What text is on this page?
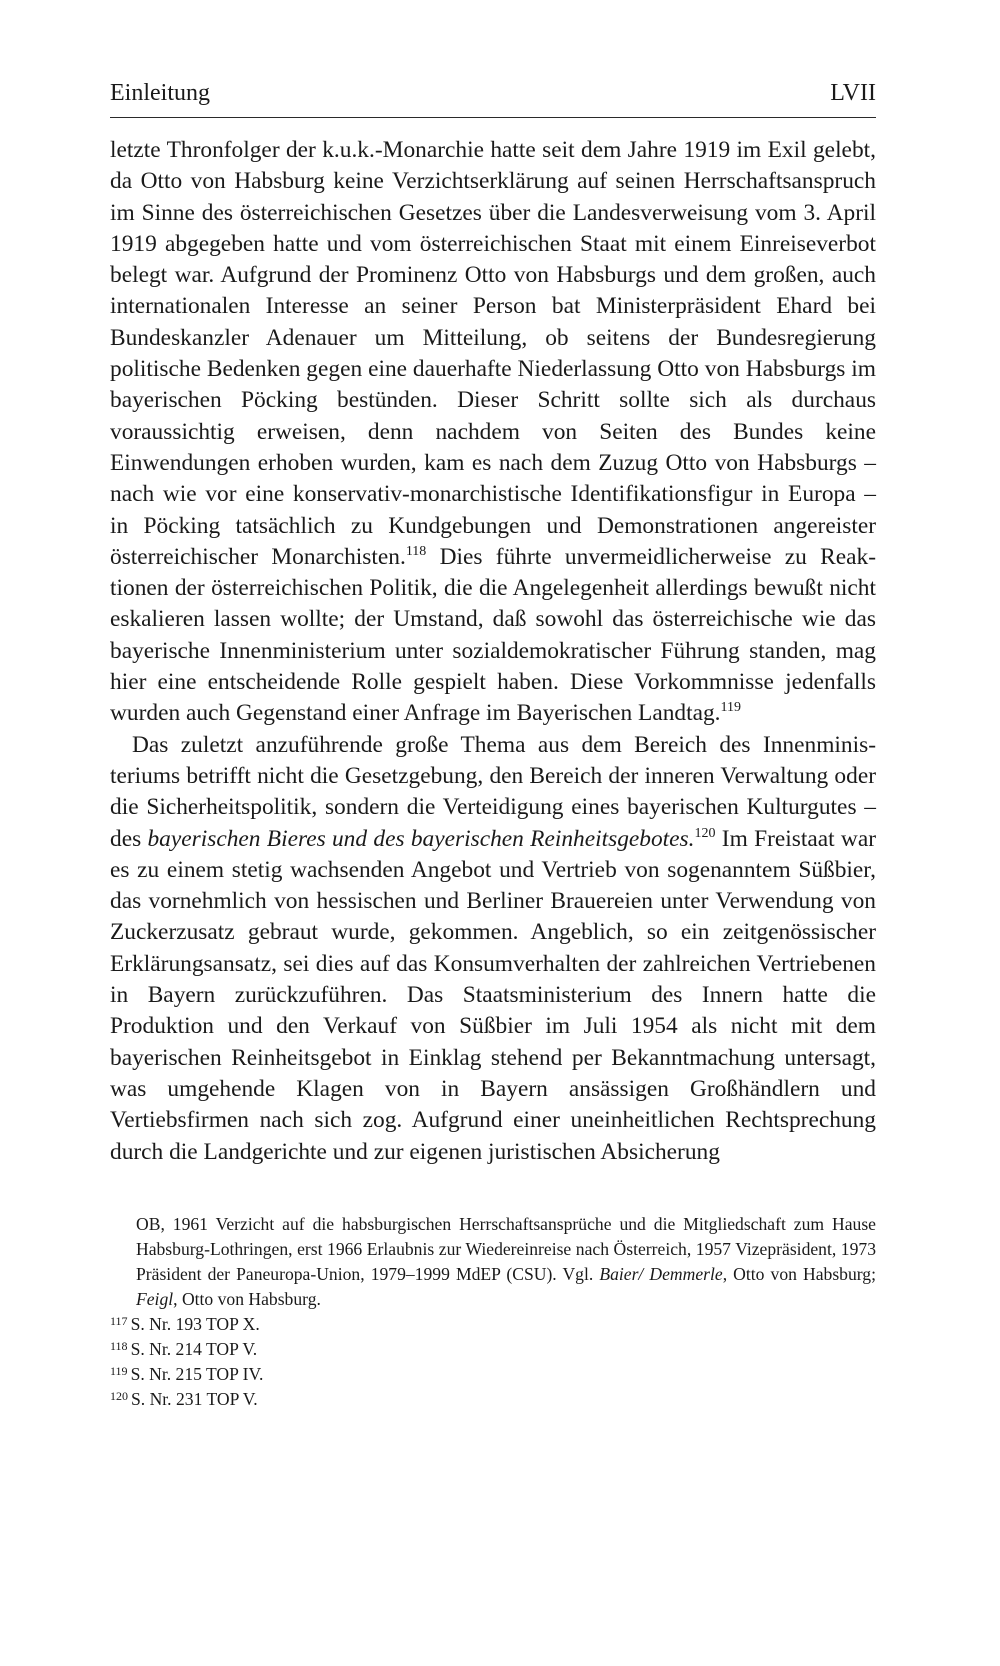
Einleitung	LVII

letzte Thronfolger der k.u.k.-Monarchie hatte seit dem Jahre 1919 im Exil gelebt, da Otto von Habsburg keine Verzichtserklärung auf seinen Herrschaftsanspruch im Sinne des österreichischen Gesetzes über die Landesverweisung vom 3. April 1919 abgegeben hatte und vom österreichischen Staat mit einem Einreiseverbot belegt war. Aufgrund der Prominenz Otto von Habsburgs und dem großen, auch internationalen Interesse an seiner Person bat Ministerpräsident Ehard bei Bundeskanzler Adenauer um Mitteilung, ob seitens der Bundesregierung politische Bedenken gegen eine dauerhafte Niederlassung Otto von Habsburgs im bayerischen Pöcking bestünden. Dieser Schritt sollte sich als durchaus voraussichtig erweisen, denn nachdem von Seiten des Bundes keine Einwendungen erhoben wurden, kam es nach dem Zuzug Otto von Habsburgs – nach wie vor eine konservativ-monarchistische Identifikationsfigur in Europa – in Pöcking tatsächlich zu Kundgebungen und Demonstrationen angereister österreichischer Monarchisten.$^{118}$ Dies führte unvermeidlicherweise zu Reaktionen der österreichischen Politik, die die Angelegenheit allerdings bewußt nicht eskalieren lassen wollte; der Umstand, daß sowohl das österreichische wie das bayerische Innenministerium unter sozialdemokratischer Führung standen, mag hier eine entscheidende Rolle gespielt haben. Diese Vorkommnisse jedenfalls wurden auch Gegenstand einer Anfrage im Bayerischen Landtag.$^{119}$

Das zuletzt anzuführende große Thema aus dem Bereich des Innenministeriums betrifft nicht die Gesetzgebung, den Bereich der inneren Verwaltung oder die Sicherheitspolitik, sondern die Verteidigung eines bayerischen Kulturgutes – des bayerischen Bieres und des bayerischen Reinheitsgebotes.$^{120}$ Im Freistaat war es zu einem stetig wachsenden Angebot und Vertrieb von sogenanntem Süßbier, das vornehmlich von hessischen und Berliner Brauereien unter Verwendung von Zuckerzusatz gebraut wurde, gekommen. Angeblich, so ein zeitgenössischer Erklärungsansatz, sei dies auf das Konsumverhalten der zahlreichen Vertriebenen in Bayern zurückzuführen. Das Staatsministerium des Innern hatte die Produktion und den Verkauf von Süßbier im Juli 1954 als nicht mit dem bayerischen Reinheitsgebot in Einklag stehend per Bekanntmachung untersagt, was umgehende Klagen von in Bayern ansässigen Großhändlern und Vertiebsfirmen nach sich zog. Aufgrund einer uneinheitlichen Rechtsprechung durch die Landgerichte und zur eigenen juristischen Absicherung

OB, 1961 Verzicht auf die habsburgischen Herrschaftsansprüche und die Mitgliedschaft zum Hause Habsburg-Lothringen, erst 1966 Erlaubnis zur Wiedereinreise nach Österreich, 1957 Vizepräsident, 1973 Präsident der Paneuropa-Union, 1979–1999 MdEP (CSU). Vgl. Baier/ Demmerle, Otto von Habsburg; Feigl, Otto von Habsburg.

$^{117}$ S. Nr. 193 TOP X.

$^{118}$ S. Nr. 214 TOP V.

$^{119}$ S. Nr. 215 TOP IV.

$^{120}$ S. Nr. 231 TOP V.
